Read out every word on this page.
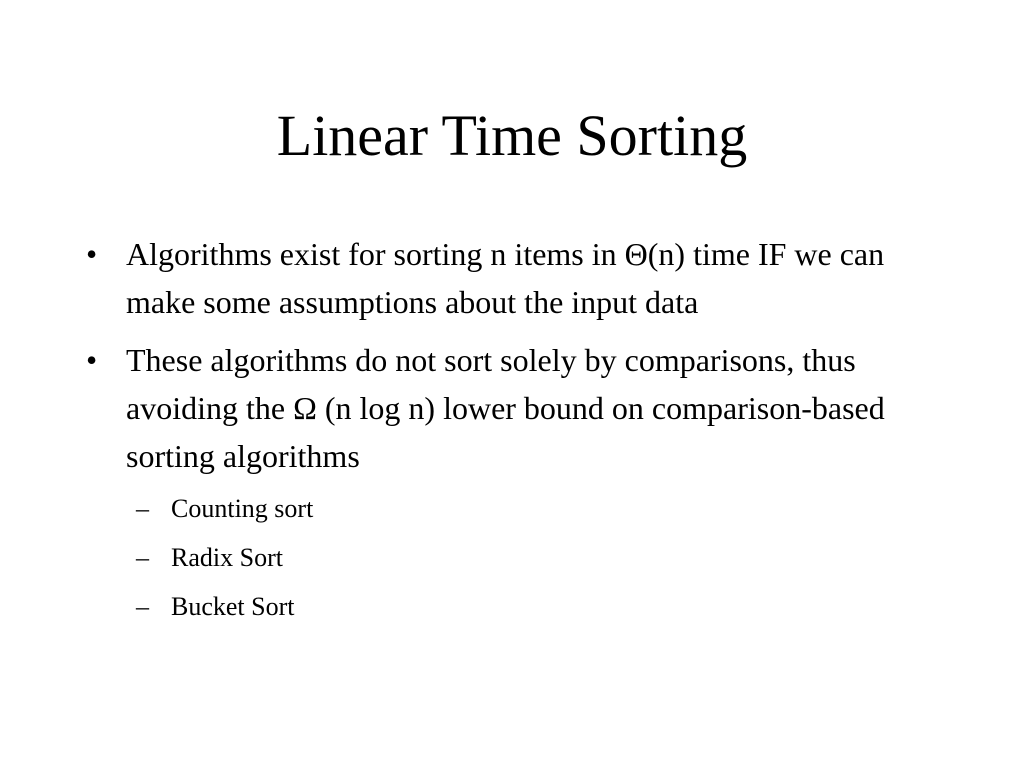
Linear Time Sorting
• Algorithms exist for sorting n items in Θ(n) time IF we can make some assumptions about the input data
• These algorithms do not sort solely by comparisons, thus avoiding the Ω (n log n) lower bound on comparison-based sorting algorithms
– Counting sort
– Radix Sort
– Bucket Sort
